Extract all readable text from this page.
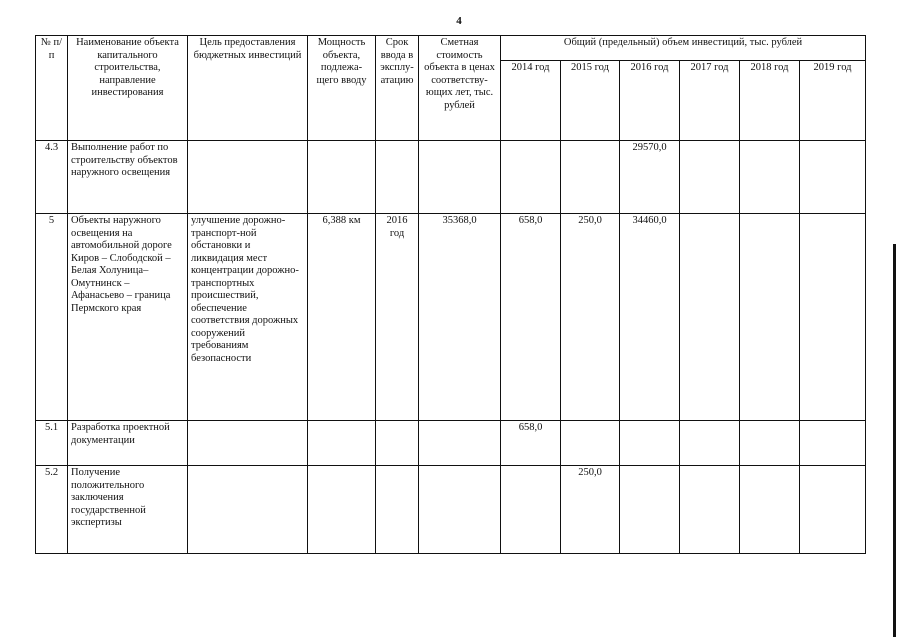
4
№ п/п	Наименование объекта капитального строительства, направление инвестирования	Цель предоставления бюджетных инвестиций	Мощность объекта, подлежа-щего вводу	Срок ввода в эксплу-атацию	Сметная стоимость объекта в ценах соответству-ющих лет, тыс. рублей	Общий (предельный) объем инвестиций, тыс. рублей					
						2014 год	2015 год	2016 год	2017 год	2018 год	2019 год
4.3	Выполнение работ по строительству объектов наружного освещения							29570,0			
5	Объекты наружного освещения на автомобильной дороге Киров – Слободской – Белая Холуница– Омутнинск – Афанасьево – граница Пермского края	улучшение дорожно-транспорт-ной обстановки и ликвидация мест концентрации дорожно-транспортных происшествий, обеспечение соответствия дорожных сооружений требованиям безопасности	6,388 км	2016 год	35368,0	658,0	250,0	34460,0			
5.1	Разработка проектной документации					658,0					
5.2	Получение положительного заключения государственной экспертизы						250,0				
